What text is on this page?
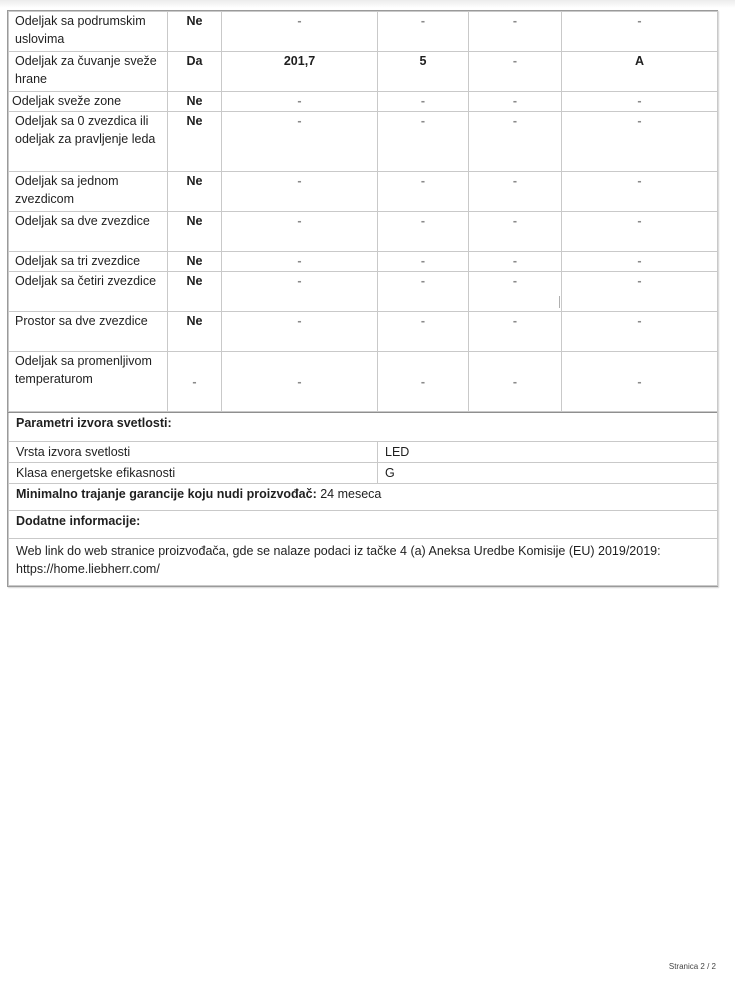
Odeljak sa podrumskim uslovima	Ne	-	-	-	-
Odeljak za čuvanje sveže hrane	Da	201,7	5	-	A
Odeljak sveže zone	Ne	-	-	-	-
Odeljak sa 0 zvezdica ili odeljak za pravljenje leda	Ne	-	-	-	-
Odeljak sa jednom zvezdicom	Ne	-	-	-	-
Odeljak sa dve zvezdice	Ne	-	-	-	-
Odeljak sa tri zvezdice	Ne	-	-	-	-
Odeljak sa četiri zvezdice	Ne	-	-	-	-
Prostor sa dve zvezdice	Ne	-	-	-	-
Odeljak sa promenljivom temperaturom	-	-	-	-	-
Parametri izvora svetlosti:	
Vrsta izvora svetlosti	LED
Klasa energetske efikasnosti	G
Minimalno trajanje garancije koju nudi proizvođač: 24 meseca	
Dodatne informacije:	
Web link do web stranice proizvođača, gde se nalaze podaci iz tačke 4 (a) Aneksa Uredbe Komisije (EU) 2019/2019: https://home.liebherr.com/	
Stranica 2 / 2
